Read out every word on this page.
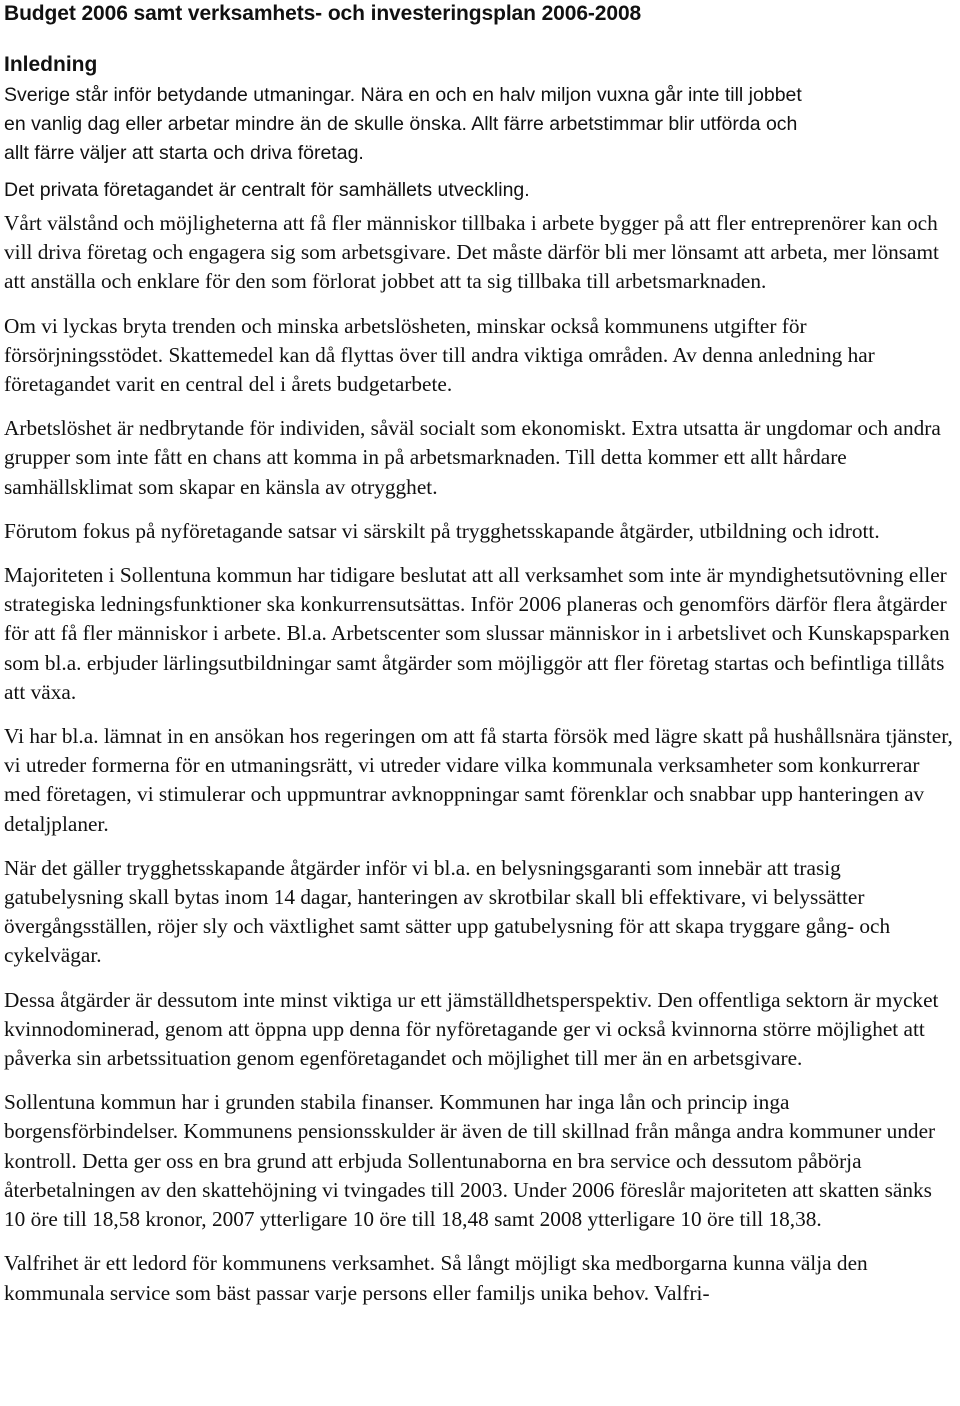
Budget 2006 samt verksamhets- och investeringsplan 2006-2008
Inledning

Sverige står inför betydande utmaningar. Nära en och en halv miljon vuxna går inte till jobbet
en vanlig dag eller arbetar mindre än de skulle önska. Allt färre arbetstimmar blir utförda och
allt färre väljer att starta och driva företag.

Det privata företagandet är centralt för samhällets utveckling.

Vårt välstånd och möjligheterna att få fler människor tillbaka i arbete bygger på att fler entreprenörer kan och vill driva företag och engagera sig som arbetsgivare. Det måste därför bli mer lönsamt att arbeta, mer lönsamt att anställa och enklare för den som förlorat jobbet att ta sig tillbaka till arbetsmarknaden.

Om vi lyckas bryta trenden och minska arbetslösheten, minskar också kommunens utgifter för försörjningsstödet. Skattemedel kan då flyttas över till andra viktiga områden. Av denna anledning har företagandet varit en central del i årets budgetarbete.

Arbetslöshet är nedbrytande för individen, såväl socialt som ekonomiskt. Extra utsatta är ungdomar och andra grupper som inte fått en chans att komma in på arbetsmarknaden. Till detta kommer ett allt hårdare samhällsklimat som skapar en känsla av otrygghet.

Förutom fokus på nyföretagande satsar vi särskilt på trygghetsskapande åtgärder, utbildning och idrott.

Majoriteten i Sollentuna kommun har tidigare beslutat att all verksamhet som inte är myndighetsutövning eller strategiska ledningsfunktioner ska konkurrensutsättas. Inför 2006 planeras och genomförs därför flera åtgärder för att få fler människor i arbete. Bl.a. Arbetscenter som slussar människor in i arbetslivet och Kunskapsparken som bl.a. erbjuder lärlingsutbildningar samt åtgärder som möjliggör att fler företag startas och befintliga tillåts att växa.

Vi har bl.a. lämnat in en ansökan hos regeringen om att få starta försök med lägre skatt på hushållsnära tjänster, vi utreder formerna för en utmaningsrätt, vi utreder vidare vilka kommunala verksamheter som konkurrerar med företagen, vi stimulerar och uppmuntrar avknoppningar samt förenklar och snabbar upp hanteringen av detaljplaner.

När det gäller trygghetsskapande åtgärder inför vi bl.a. en belysningsgaranti som innebär att trasig gatubelysning skall bytas inom 14 dagar, hanteringen av skrotbilar skall bli effektivare, vi belyssätter övergångsställen, röjer sly och växtlighet samt sätter upp gatubelysning för att skapa tryggare gång- och cykelvägar.

Dessa åtgärder är dessutom inte minst viktiga ur ett jämställdhetsperspektiv. Den offentliga sektorn är mycket kvinnodominerad, genom att öppna upp denna för nyföretagande ger vi också kvinnorna större möjlighet att påverka sin arbetssituation genom egenföretagandet och möjlighet till mer än en arbetsgivare.

Sollentuna kommun har i grunden stabila finanser. Kommunen har inga lån och princip inga borgensförbindelser. Kommunens pensionsskulder är även de till skillnad från många andra kommuner under kontroll. Detta ger oss en bra grund att erbjuda Sollentunaborna en bra service och dessutom påbörja återbetalningen av den skattehöjning vi tvingades till 2003. Under 2006 föreslår majoriteten att skatten sänks 10 öre till 18,58 kronor, 2007 ytterligare 10 öre till 18,48 samt 2008 ytterligare 10 öre till 18,38.

Valfrihet är ett ledord för kommunens verksamhet. Så långt möjligt ska medborgarna kunna välja den kommunala service som bäst passar varje persons eller familjs unika behov. Valfri-
